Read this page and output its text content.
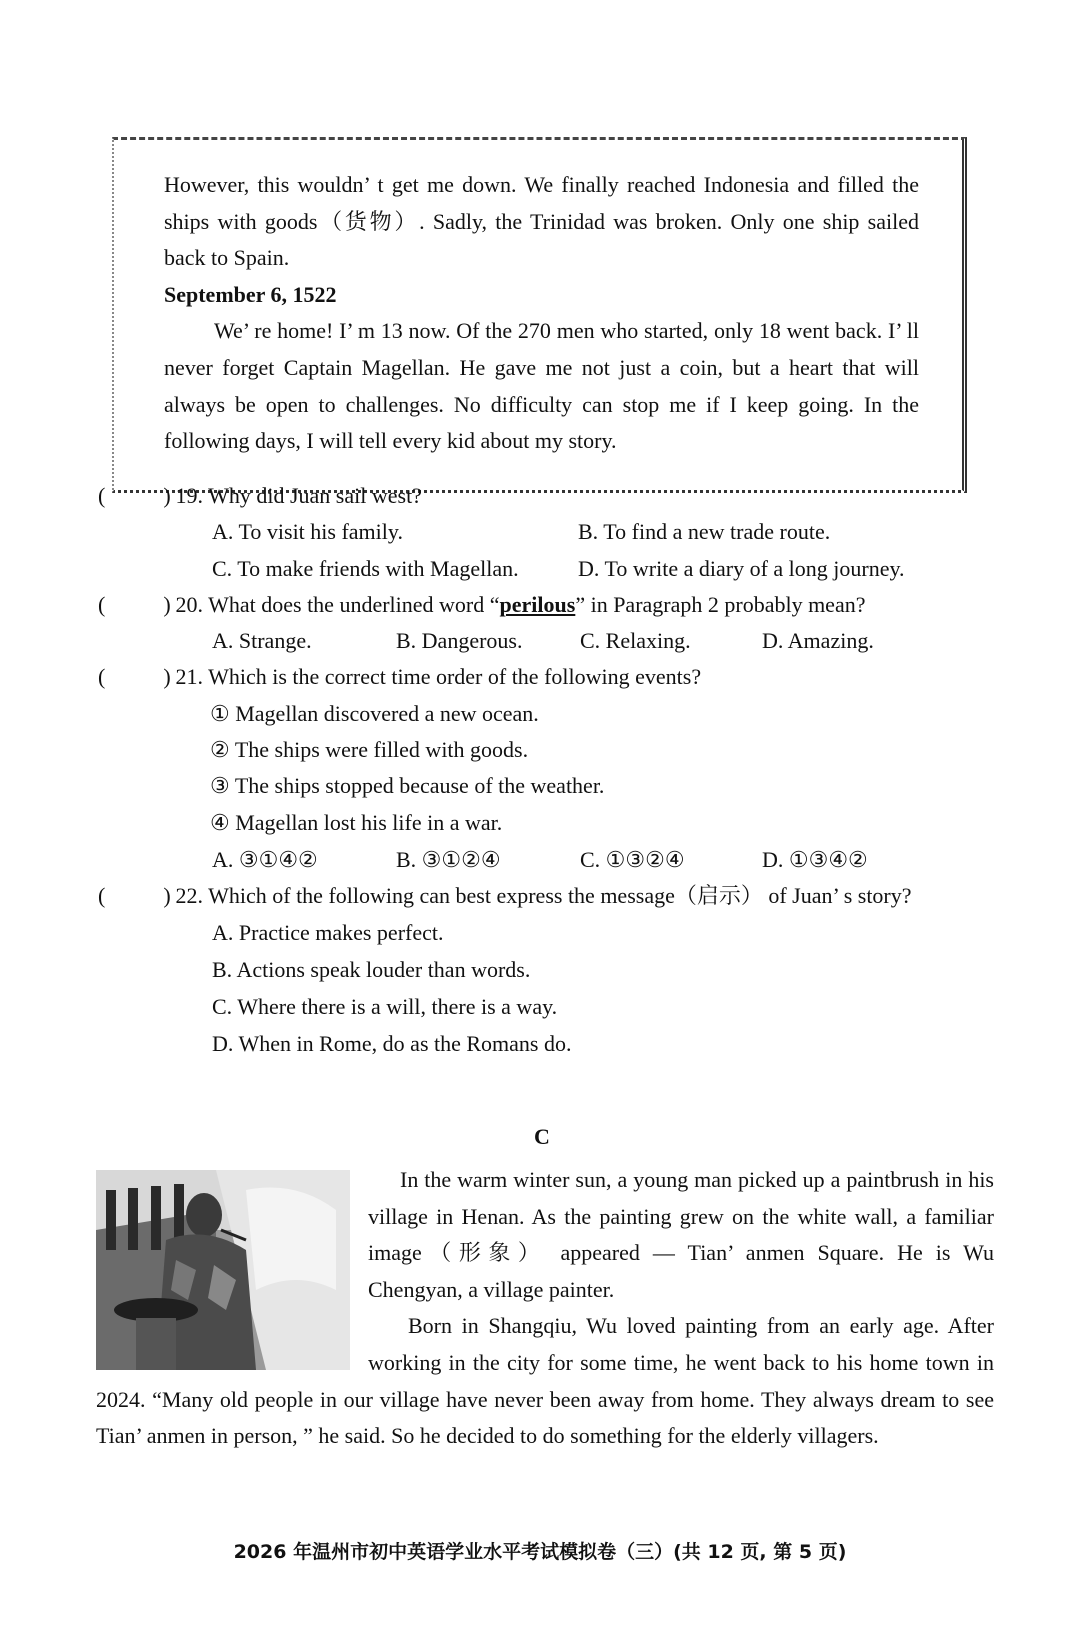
However, this wouldn’ t get me down. We finally reached Indonesia and filled the ships with goods（货物）. Sadly, the Trinidad was broken. Only one ship sailed back to Spain.

September 6, 1522

We’ re home! I’ m 13 now. Of the 270 men who started, only 18 went back. I’ ll never forget Captain Magellan. He gave me not just a coin, but a heart that will always be open to challenges. No difficulty can stop me if I keep going. In the following days, I will tell every kid about my story.

(	) 19. Why did Juan sail west?
A. To visit his family.	B. To find a new trade route.
C. To make friends with Magellan.	D. To write a diary of a long journey.
(	) 20. What does the underlined word “perilous” in Paragraph 2 probably mean?
A. Strange.	B. Dangerous.	C. Relaxing.	D. Amazing.
(	) 21. Which is the correct time order of the following events?
① Magellan discovered a new ocean.
② The ships were filled with goods.
③ The ships stopped because of the weather.
④ Magellan lost his life in a war.
A. ③①④②	B. ③①②④	C. ①③②④	D. ①③④②
(	) 22. Which of the following can best express the message（启示） of Juan’ s story?
A. Practice makes perfect.
B. Actions speak louder than words.
C. Where there is a will, there is a way.
D. When in Rome, do as the Romans do.
C

In the warm winter sun, a young man picked up a paintbrush in his village in Henan. As the painting grew on the white wall, a familiar image（形象） appeared — Tian’ anmen Square. He is Wu Chengyan, a village painter.

Born in Shangqiu, Wu loved painting from an early age. After working in the city for some time, he went back to his home town in 2024. “Many old people in our village have never been away from home. They always dream to see Tian’ anmen in person, ” he said. So he decided to do something for the elderly villagers.

2026 年温州市初中英语学业水平考试模拟卷（三）(共 12 页, 第 5 页)
